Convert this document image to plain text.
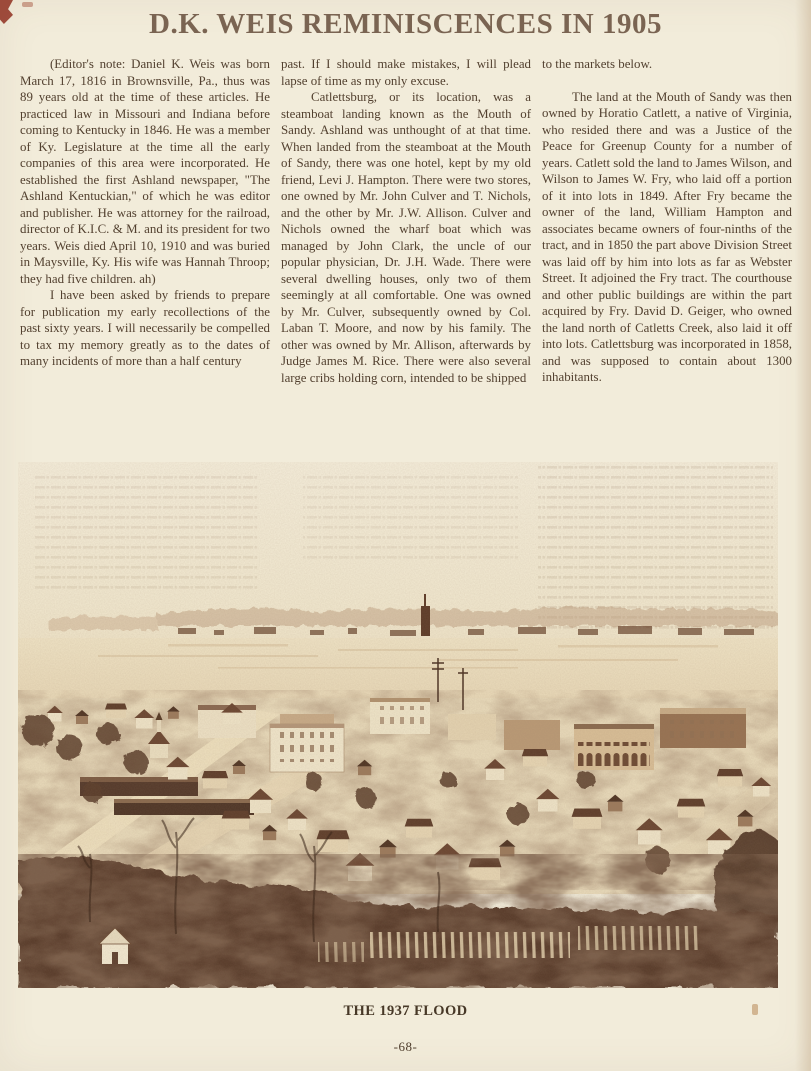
D.K. WEIS REMINISCENCES IN 1905

(Editor's note: Daniel K. Weis was born March 17, 1816 in Brownsville, Pa., thus was 89 years old at the time of these articles. He practiced law in Missouri and Indiana before coming to Kentucky in 1846. He was a member of Ky. Legislature at the time all the early companies of this area were incorporated. He established the first Ashland newspaper, "The Ashland Kentuckian," of which he was editor and publisher. He was attorney for the railroad, director of K.I.C. & M. and its president for two years. Weis died April 10, 1910 and was buried in Maysville, Ky. His wife was Hannah Throop; they had five children. ah)

I have been asked by friends to prepare for publication my early recollections of the past sixty years. I will necessarily be compelled to tax my memory greatly as to the dates of many incidents of more than a half century

past. If I should make mistakes, I will plead lapse of time as my only excuse.

Catlettsburg, or its location, was a steamboat landing known as the Mouth of Sandy. Ashland was unthought of at that time. When landed from the steamboat at the Mouth of Sandy, there was one hotel, kept by my old friend, Levi J. Hampton. There were two stores, one owned by Mr. John Culver and T. Nichols, and the other by Mr. J.W. Allison. Culver and Nichols owned the wharf boat which was managed by John Clark, the uncle of our popular physician, Dr. J.H. Wade. There were several dwelling houses, only two of them seemingly at all comfortable. One was owned by Mr. Culver, subsequently owned by Col. Laban T. Moore, and now by his family. The other was owned by Mr. Allison, afterwards by Judge James M. Rice. There were also several large cribs holding corn, intended to be shipped

to the markets below.

The land at the Mouth of Sandy was then owned by Horatio Catlett, a native of Virginia, who resided there and was a Justice of the Peace for Greenup County for a number of years. Catlett sold the land to James Wilson, and Wilson to James W. Fry, who laid off a portion of it into lots in 1849. After Fry became the owner of the land, William Hampton and associates became owners of four-ninths of the tract, and in 1850 the part above Division Street was laid off by him into lots as far as Webster Street. It adjoined the Fry tract. The courthouse and other public buildings are within the part acquired by Fry. David D. Geiger, who owned the land north of Catletts Creek, also laid it off into lots. Catlettsburg was incorporated in 1858, and was supposed to contain about 1300 inhabitants.

THE 1937 FLOOD
-68-
